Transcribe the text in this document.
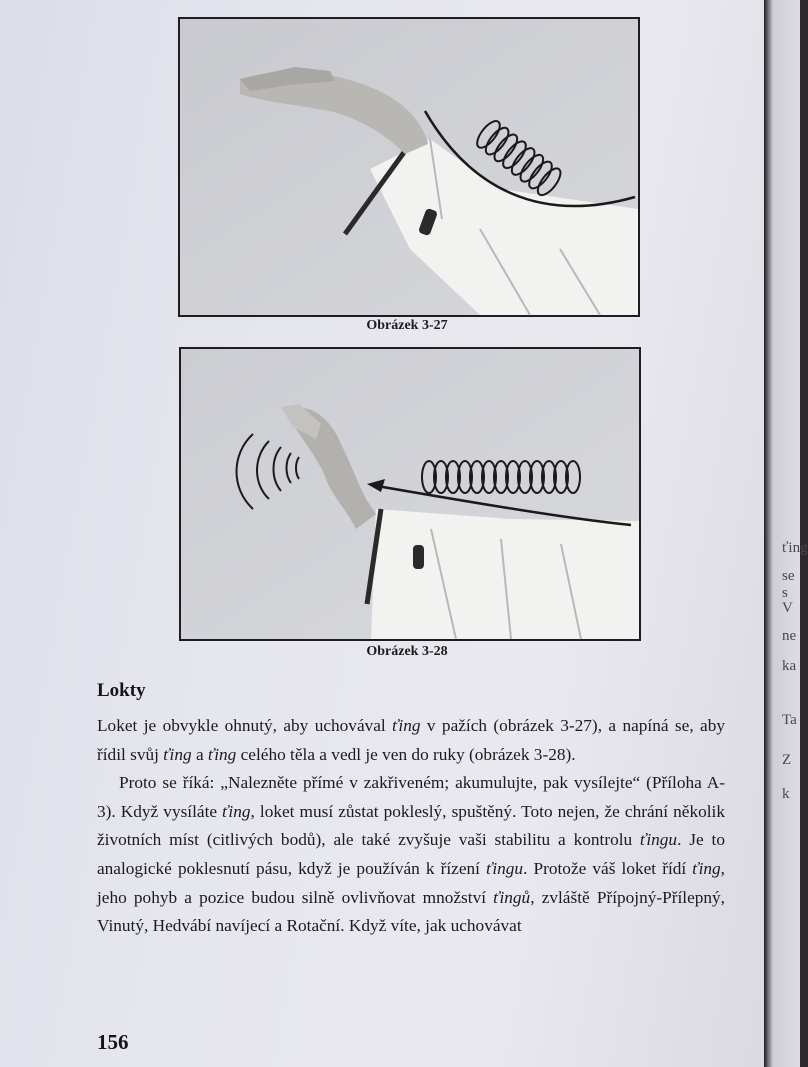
Obrázek 3-27
Obrázek 3-28
Lokty

Loket je obvykle ohnutý, aby uchovával ťing v pažích (obrázek 3-27), a napíná se, aby řídil svůj ťing a ťing celého těla a vedl je ven do ruky (obrázek 3-28).

Proto se říká: „Nalezněte přímé v zakřiveném; akumulujte, pak vysílejte“ (Příloha A-3). Když vysíláte ťing, loket musí zůstat pokleslý, spuštěný. Toto nejen, že chrání několik životních míst (citlivých bodů), ale také zvyšuje vaši stabilitu a kontrolu ťingu. Je to analogické poklesnutí pásu, když je používán k řízení ťingu. Protože váš loket řídí ťing, jeho pohyb a pozice budou silně ovlivňovat množství ťingů, zvláště Přípojný-Přílepný, Vinutý, Hedvábí navíjecí a Rotační. Když víte, jak uchovávat

156
ťing
se s
V
ne
ka
Ta
Z
k
